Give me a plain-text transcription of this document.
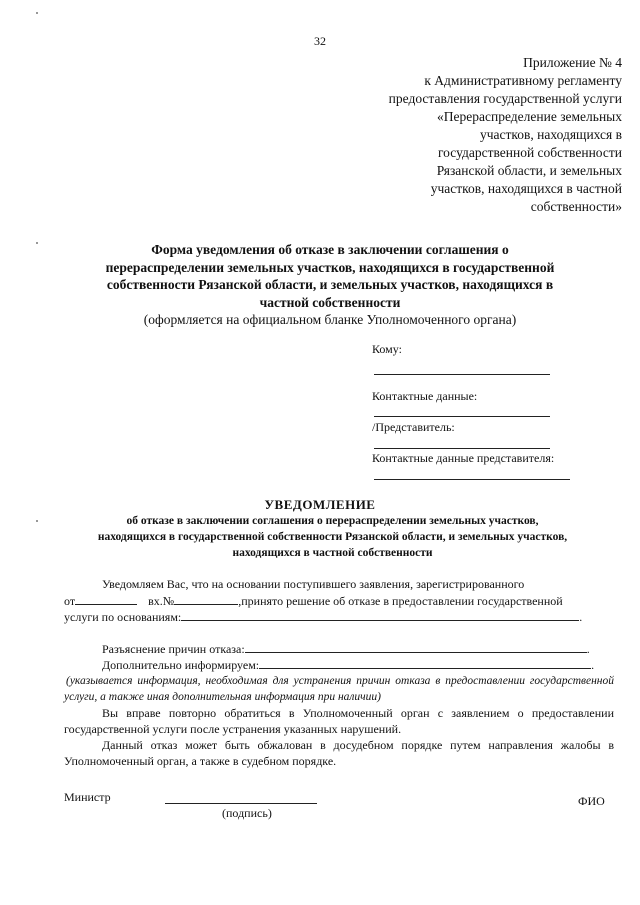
32
Приложение № 4
к Административному регламенту
предоставления государственной услуги
«Перераспределение земельных
участков, находящихся в
государственной собственности
Рязанской области, и земельных
участков, находящихся в частной
собственности»
Форма уведомления об отказе в заключении соглашения о
перераспределении земельных участков, находящихся в государственной
собственности Рязанской области, и земельных участков, находящихся в
частной собственности
(оформляется на официальном бланке Уполномоченного органа)
Кому:
Контактные данные:
/Представитель:
Контактные данные представителя:
УВЕДОМЛЕНИЕ
об отказе в заключении соглашения о перераспределении земельных участков,
находящихся в государственной собственности Рязанской области, и земельных участков,
находящихся в частной собственности
Уведомляем Вас, что на основании поступившего заявления, зарегистрированного
от	вх.№	,принято решение об отказе в предоставлении государственной
услуги по основаниям:	.
Разъяснение причин отказа:	.
Дополнительно информируем:	.
(указывается информация, необходимая для устранения причин отказа в предоставлении государственной услуги, а также иная дополнительная информация при наличии)
Вы вправе повторно обратиться в Уполномоченный орган с заявлением о предоставлении государственной услуги после устранения указанных нарушений.
Данный отказ может быть обжалован в досудебном порядке путем направления жалобы в Уполномоченный орган, а также в судебном порядке.
Министр
(подпись)
ФИО
